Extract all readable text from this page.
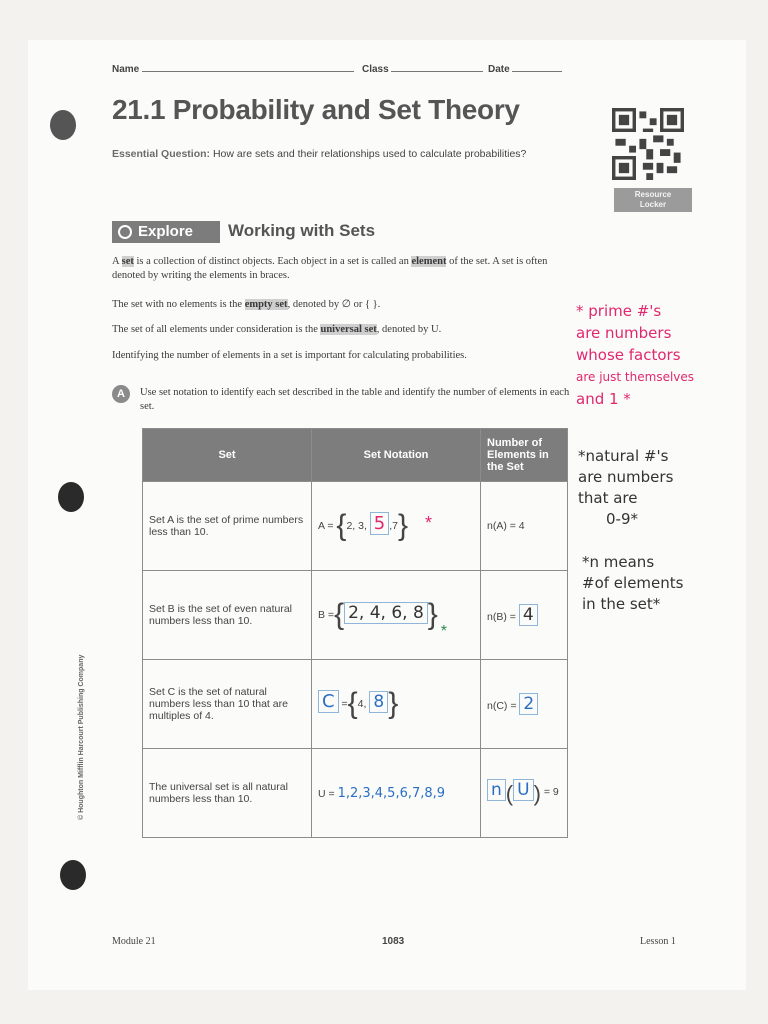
Name	Class	Date
21.1 Probability and Set Theory
Essential Question: How are sets and their relationships used to calculate probabilities?
Resource
Locker
Explore	Working with Sets
A set is a collection of distinct objects. Each object in a set is called an element of the set. A set is often denoted by writing the elements in braces.
The set with no elements is the empty set, denoted by ∅ or { }.
The set of all elements under consideration is the universal set, denoted by U.
Identifying the number of elements in a set is important for calculating probabilities.
A	Use set notation to identify each set described in the table and identify the number of elements in each set.
Set	Set Notation	Number of Elements in the Set
Set A is the set of prime numbers less than 10.	A = {2, 3, 5 ,7} *	n(A) = 4
Set B is the set of even natural numbers less than 10.	B ={ 2, 4, 6, 8 } *	n(B) = 4
Set C is the set of natural numbers less than 10 that are multiples of 4.	C ={4, 8 }	n(C) = 2
The universal set is all natural numbers less than 10.	U = 1,2,3,4,5,6,7,8,9	n ( U ) = 9
* prime #'s
are numbers
whose factors
are just themselves
and 1 *
*natural #'s
are numbers
that are
0-9*
*n means
#of elements
in the set*
© Houghton Mifflin Harcourt Publishing Company
Module 21	1083	Lesson 1
